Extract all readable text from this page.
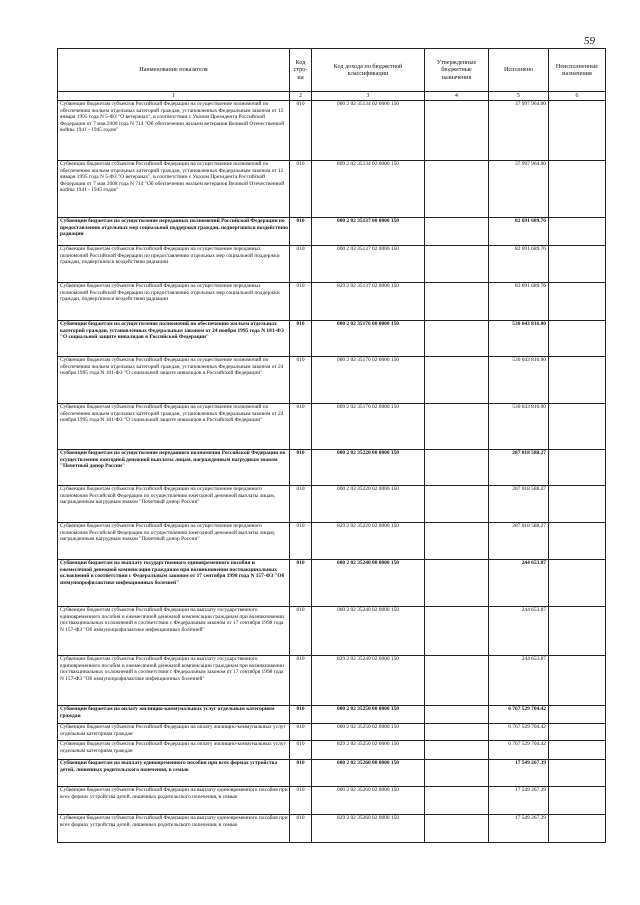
59
Наименование показателя	Код стро-ки	Код дохода по бюджетной классификации	Утвержденные бюджетные назначения	Исполнено	Неисполненные назначения
1	2	3	4	5	6
Субвенции бюджетам субъектов Российской Федерации на осуществление полномочий по обеспечению жильем отдельных категорий граждан, установленных Федеральным законом от 12 января 1995 года N 5-ФЗ "О ветеранах", в соответствии с Указом Президента Российской Федерации от 7 мая 2008 года N 714 "Об обеспечении жильем ветеранов Великой Отечественной войны 1941 - 1945 годов"	010	000 2 02 35134 02 0000 150		37 997 964.00	
Субвенции бюджетам субъектов Российской Федерации на осуществление полномочий по обеспечению жильем отдельных категорий граждан, установленных Федеральным законом от 12 января 1995 года N 5-ФЗ "О ветеранах", в соответствии с Указом Президента Российской Федерации от 7 мая 2008 года N 714 "Об обеспечении жильем ветеранов Великой Отечественной войны 1941 - 1945 годов"	010	809 2 02 35134 02 0000 150		37 997 964.00	
Субвенции бюджетам на осуществление переданных полномочий Российской Федерации по предоставлению отдельных мер социальной поддержки граждан, подвергшихся воздействию радиации	010	000 2 02 35137 00 0000 150		82 691 689.76	
Субвенции бюджетам субъектов Российской Федерации на осуществление переданных полномочий Российской Федерации по предоставлению отдельных мер социальной поддержки граждан, подвергшихся воздействию радиации	010	000 2 02 35137 02 0000 150		82 691 689.76	
Субвенции бюджетам субъектов Российской Федерации на осуществление переданных полномочий Российской Федерации по предоставлению отдельных мер социальной поддержки граждан, подвергшихся воздействию радиации	010	829 2 02 35137 02 0000 150		82 691 689.76	
Субвенции бюджетам на осуществление полномочий по обеспечению жильем отдельных категорий граждан, установленных Федеральным законом от 24 ноября 1995 года N 181-ФЗ "О социальной защите инвалидов в Российской Федерации"	010	000 2 02 35176 00 0000 150		530 643 816.00	
Субвенции бюджетам субъектов Российской Федерации на осуществление полномочий по обеспечению жильем отдельных категорий граждан, установленных Федеральным законом от 24 ноября 1995 года N 181-ФЗ "О социальной защите инвалидов в Российской Федерации"	010	000 2 02 35176 02 0000 150		530 643 816.00	
Субвенции бюджетам субъектов Российской Федерации на осуществление полномочий по обеспечению жильем отдельных категорий граждан, установленных Федеральным законом от 24 ноября 1995 года N 181-ФЗ "О социальной защите инвалидов в Российской Федерации"	010	809 2 02 35176 02 0000 150		530 643 816.00	
Субвенции бюджетам на осуществление переданного полномочия Российской Федерации по осуществлению ежегодной денежной выплаты лицам, награжденным нагрудным знаком "Почетный донор России"	010	000 2 02 35220 00 0000 150		287 018 588.27	
Субвенции бюджетам субъектов Российской Федерации на осуществление переданного полномочия Российской Федерации по осуществлению ежегодной денежной выплаты лицам, награжденным нагрудным знаком "Почетный донор России"	010	000 2 02 35220 02 0000 150		287 018 588.27	
Субвенции бюджетам субъектов Российской Федерации на осуществление переданного полномочия Российской Федерации по осуществлению ежегодной денежной выплаты лицам, награжденным нагрудным знаком "Почетный донор России"	010	829 2 02 35220 02 0000 150		287 018 588.27	
Субвенции бюджетам на выплату государственного единовременного пособия и ежемесячной денежной компенсации гражданам при возникновении поствакцинальных осложнений в соответствии с Федеральным законом от 17 сентября 1998 года N 157-ФЗ "Об иммунопрофилактике инфекционных болезней"	010	000 2 02 35240 00 0000 150		244 653.87	
Субвенции бюджетам субъектов Российской Федерации на выплату государственного единовременного пособия и ежемесячной денежной компенсации гражданам при возникновении поствакцинальных осложнений в соответствии с Федеральным законом от 17 сентября 1998 года N 157-ФЗ "Об иммунопрофилактике инфекционных болезней"	010	000 2 02 35240 02 0000 150		244 653.87	
Субвенции бюджетам субъектов Российской Федерации на выплату государственного единовременного пособия и ежемесячной денежной компенсации гражданам при возникновении поствакцинальных осложнений в соответствии с Федеральным законом от 17 сентября 1998 года N 157-ФЗ "Об иммунопрофилактике инфекционных болезней"	010	829 2 02 35240 02 0000 150		244 653.87	
Субвенции бюджетам на оплату жилищно-коммунальных услуг отдельным категориям граждан	010	000 2 02 35250 00 0000 150		6 767 529 704.42	
Субвенции бюджетам субъектов Российской Федерации на оплату жилищно-коммунальных услуг отдельным категориям граждан	010	000 2 02 35250 02 0000 150		6 767 529 704.42	
Субвенции бюджетам субъектов Российской Федерации на оплату жилищно-коммунальных услуг отдельным категориям граждан	010	829 2 02 35250 02 0000 150		6 767 529 704.42	
Субвенции бюджетам на выплату единовременного пособия при всех формах устройства детей, лишенных родительского попечения, в семью	010	000 2 02 35260 00 0000 150		17 549 267.39	
Субвенции бюджетам субъектов Российской Федерации на выплату единовременного пособия при всех формах устройства детей, лишенных родительского попечения, в семью	010	000 2 02 35260 02 0000 150		17 549 267.39	
Субвенции бюджетам субъектов Российской Федерации на выплату единовременного пособия при всех формах устройства детей, лишенных родительского попечения, в семью	010	829 2 02 35260 02 0000 150		17 549 267.39	
